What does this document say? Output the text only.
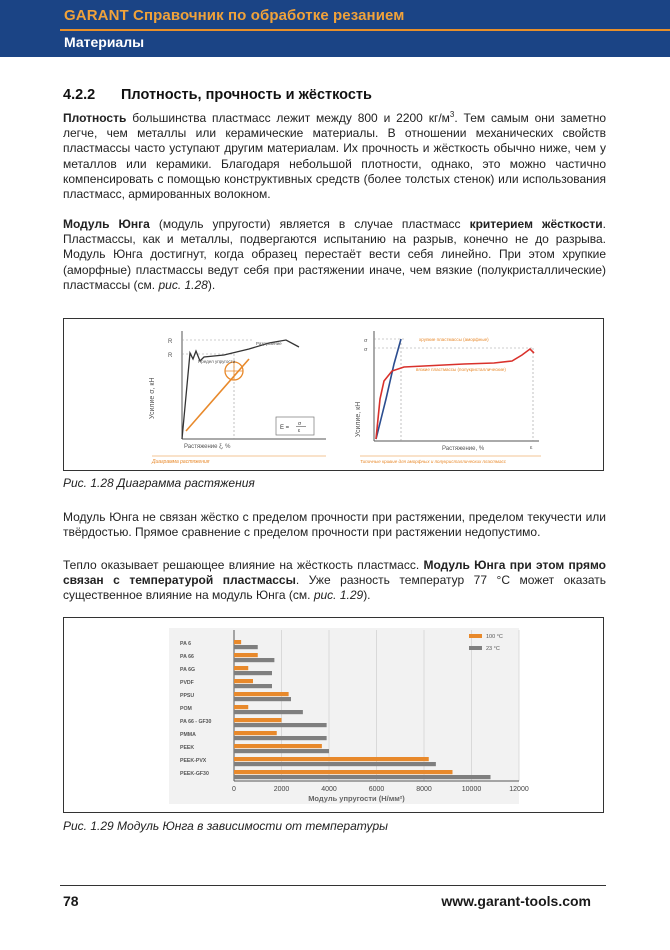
GARANT Справочник по обработке резанием
Материалы
4.2.2 Плотность, прочность и жёсткость
Плотность большинства пластмасс лежит между 800 и 2200 $кг/м^3$. Тем самым они заметно легче, чем металлы или керамические материалы. В отношении механических свойств пластмассы часто уступают другим материалам. Их прочность и жёсткость обычно ниже, чем у металлов или керамики. Благодаря небольшой плотности, однако, это можно частично компенсировать с помощью конструктивных средств (более толстых стенок) или использования пластмасс, армированных волокном.
Модуль Юнга (модуль упругости) является в случае пластмасс критерием жёсткости. Пластмассы, как и металлы, подвергаются испытанию на разрыв, конечно не до разрыва. Модуль Юнга достигнут, когда образец перестаёт вести себя линейно. При этом хрупкие (аморфные) пластмассы ведут себя при растяжении иначе, чем вязкие (полукристаллические) пластмассы (см. рис. 1.28).
Усилие σ, кН
Растяжение ξ, %
R
R
Предел упругости
Разрушение
E =
σ
ε
Диаграмма растяжения
Усилие, кН
Растяжение, %
σ
σ
ε
хрупкие пластмассы (аморфные)
вязкие пластмассы (полукристаллические)
Типичные кривые для аморфных и полукристаллических пластмасс
Рис. 1.28 Диаграмма растяжения
Модуль Юнга не связан жёстко с пределом прочности при растяжении, пределом текучести или твёрдостью. Прямое сравнение с пределом прочности при растяжении недопустимо.
Тепло оказывает решающее влияние на жёсткость пластмасс. Модуль Юнга при этом прямо связан с температурой пластмассы. Уже разность температур 77 °C может оказать существенное влияние на модуль Юнга (см. рис. 1.29).
0	2000	4000	6000	8000	10000	12000
PA 6
PA 66
PA 6G
PVDF
PPSU
POM
PA 66 - GF30
PMMA
PEEK
PEEK-PVX
PEEK-GF30
100 °C
23 °C
Модуль упругости (Н/мм²)
Рис. 1.29 Модуль Юнга в зависимости от температуры
78	www.garant-tools.com
